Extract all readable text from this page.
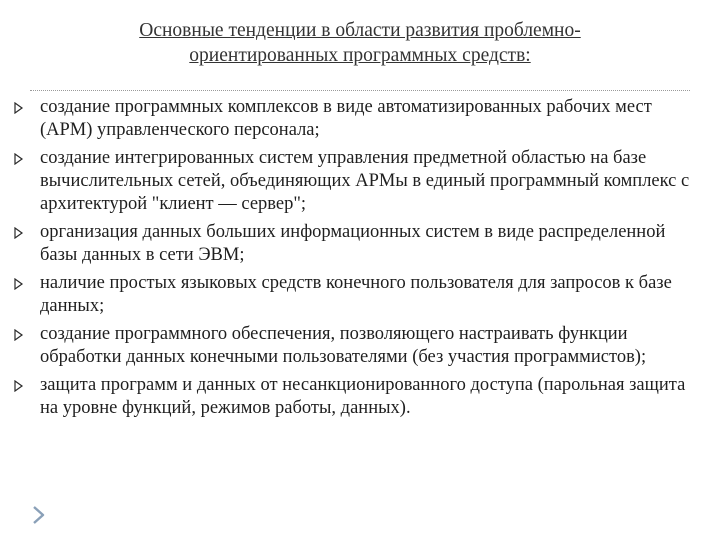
Основные тенденции в области развития проблемно-
ориентированных программных средств:
создание программных комплексов в виде автоматизированных рабочих мест (АРМ) управленческого персонала;
создание интегрированных систем управления предметной областью на базе вычислительных сетей, объединяющих АРМы в единый программный комплекс с архитектурой "клиент — сервер";
организация данных больших информационных систем в виде распределенной базы данных в сети ЭВМ;
наличие простых языковых средств конечного пользователя для запросов к базе данных;
создание программного обеспечения, позволяющего настраивать функции обработки данных конечными пользователями (без участия программистов);
защита программ и данных от несанкционированного доступа (парольная защита на уровне функций, режимов работы, данных).
